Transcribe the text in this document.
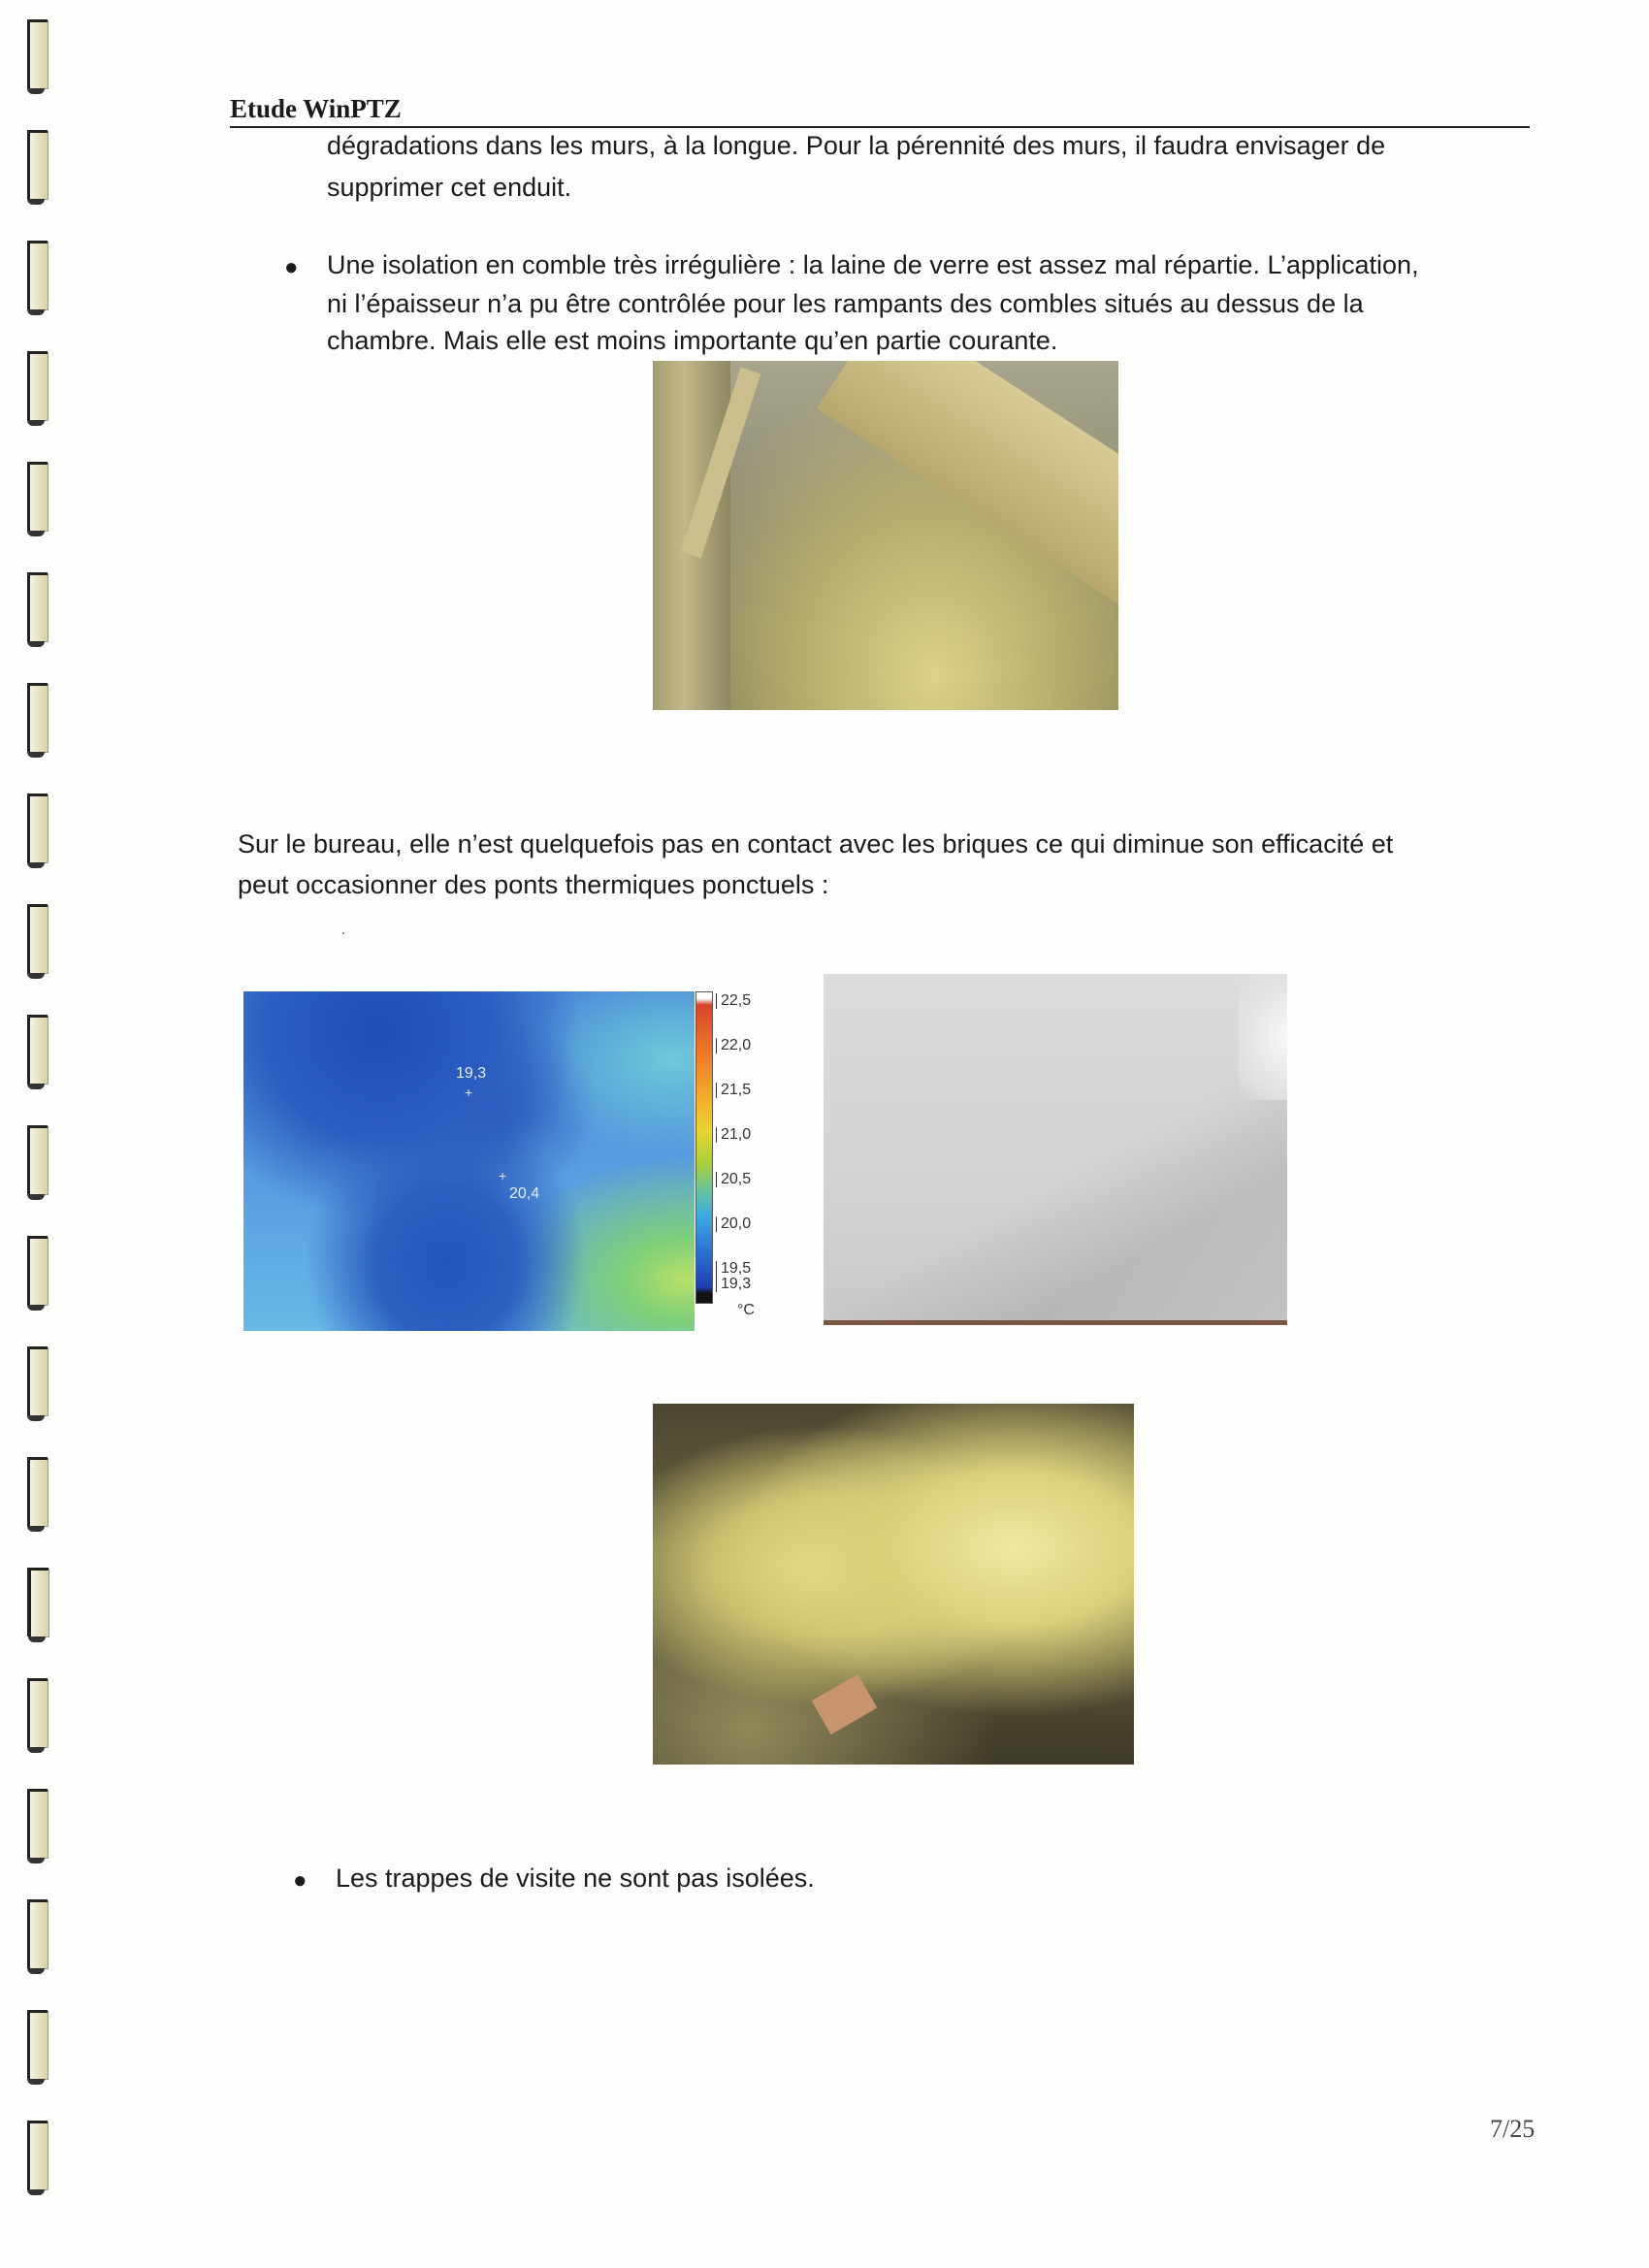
Etude WinPTZ
dégradations dans les murs, à la longue. Pour la pérennité des murs, il faudra envisager de
supprimer cet enduit.
● Une isolation en comble très irrégulière : la laine de verre est assez mal répartie. L’application,
ni l’épaisseur n’a pu être contrôlée pour les rampants des combles situés au dessus de la
chambre. Mais elle est moins importante qu’en partie courante.
Sur le bureau, elle n’est quelquefois pas en contact avec les briques ce qui diminue son efficacité et
peut occasionner des ponts thermiques ponctuels :
.
+
19,3
+
20,4
22,5
22,0
21,5
21,0
20,5
20,0
19,5
19,3
°C
● Les trappes de visite ne sont pas isolées.
7/25
